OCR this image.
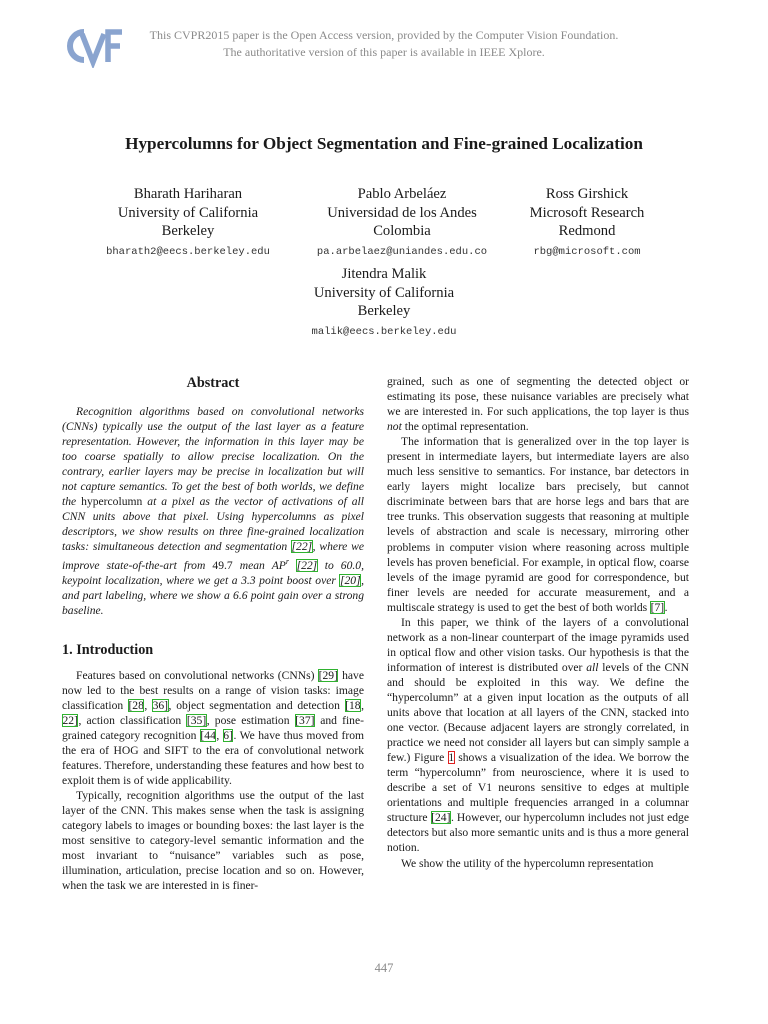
This CVPR2015 paper is the Open Access version, provided by the Computer Vision Foundation.
The authoritative version of this paper is available in IEEE Xplore.
Hypercolumns for Object Segmentation and Fine-grained Localization
Bharath Hariharan
University of California
Berkeley
bharath2@eecs.berkeley.edu
Pablo Arbeláez
Universidad de los Andes
Colombia
pa.arbelaez@uniandes.edu.co
Ross Girshick
Microsoft Research
Redmond
rbg@microsoft.com
Jitendra Malik
University of California
Berkeley
malik@eecs.berkeley.edu
Abstract

Recognition algorithms based on convolutional networks (CNNs) typically use the output of the last layer as a feature representation. However, the information in this layer may be too coarse spatially to allow precise localization. On the contrary, earlier layers may be precise in localization but will not capture semantics. To get the best of both worlds, we define the hypercolumn at a pixel as the vector of activations of all CNN units above that pixel. Using hypercolumns as pixel descriptors, we show results on three fine-grained localization tasks: simultaneous detection and segmentation [22], where we improve state-of-the-art from 49.7 mean $AP^r$ [22] to 60.0, keypoint localization, where we get a 3.3 point boost over [20], and part labeling, where we show a 6.6 point gain over a strong baseline.

1. Introduction

Features based on convolutional networks (CNNs) [29] have now led to the best results on a range of vision tasks: image classification [28, 36], object segmentation and detection [18, 22], action classification [35], pose estimation [37] and fine-grained category recognition [44, 6]. We have thus moved from the era of HOG and SIFT to the era of convolutional network features. Therefore, understanding these features and how best to exploit them is of wide applicability.

Typically, recognition algorithms use the output of the last layer of the CNN. This makes sense when the task is assigning category labels to images or bounding boxes: the last layer is the most sensitive to category-level semantic information and the most invariant to “nuisance” variables such as pose, illumination, articulation, precise location and so on. However, when the task we are interested in is finer-

grained, such as one of segmenting the detected object or estimating its pose, these nuisance variables are precisely what we are interested in. For such applications, the top layer is thus not the optimal representation.

The information that is generalized over in the top layer is present in intermediate layers, but intermediate layers are also much less sensitive to semantics. For instance, bar detectors in early layers might localize bars precisely, but cannot discriminate between bars that are horse legs and bars that are tree trunks. This observation suggests that reasoning at multiple levels of abstraction and scale is necessary, mirroring other problems in computer vision where reasoning across multiple levels has proven beneficial. For example, in optical flow, coarse levels of the image pyramid are good for correspondence, but finer levels are needed for accurate measurement, and a multiscale strategy is used to get the best of both worlds [7].

In this paper, we think of the layers of a convolutional network as a non-linear counterpart of the image pyramids used in optical flow and other vision tasks. Our hypothesis is that the information of interest is distributed over all levels of the CNN and should be exploited in this way. We define the “hypercolumn” at a given input location as the outputs of all units above that location at all layers of the CNN, stacked into one vector. (Because adjacent layers are strongly correlated, in practice we need not consider all layers but can simply sample a few.) Figure 1 shows a visualization of the idea. We borrow the term “hypercolumn” from neuroscience, where it is used to describe a set of V1 neurons sensitive to edges at multiple orientations and multiple frequencies arranged in a columnar structure [24]. However, our hypercolumn includes not just edge detectors but also more semantic units and is thus a more general notion.

We show the utility of the hypercolumn representation

447
